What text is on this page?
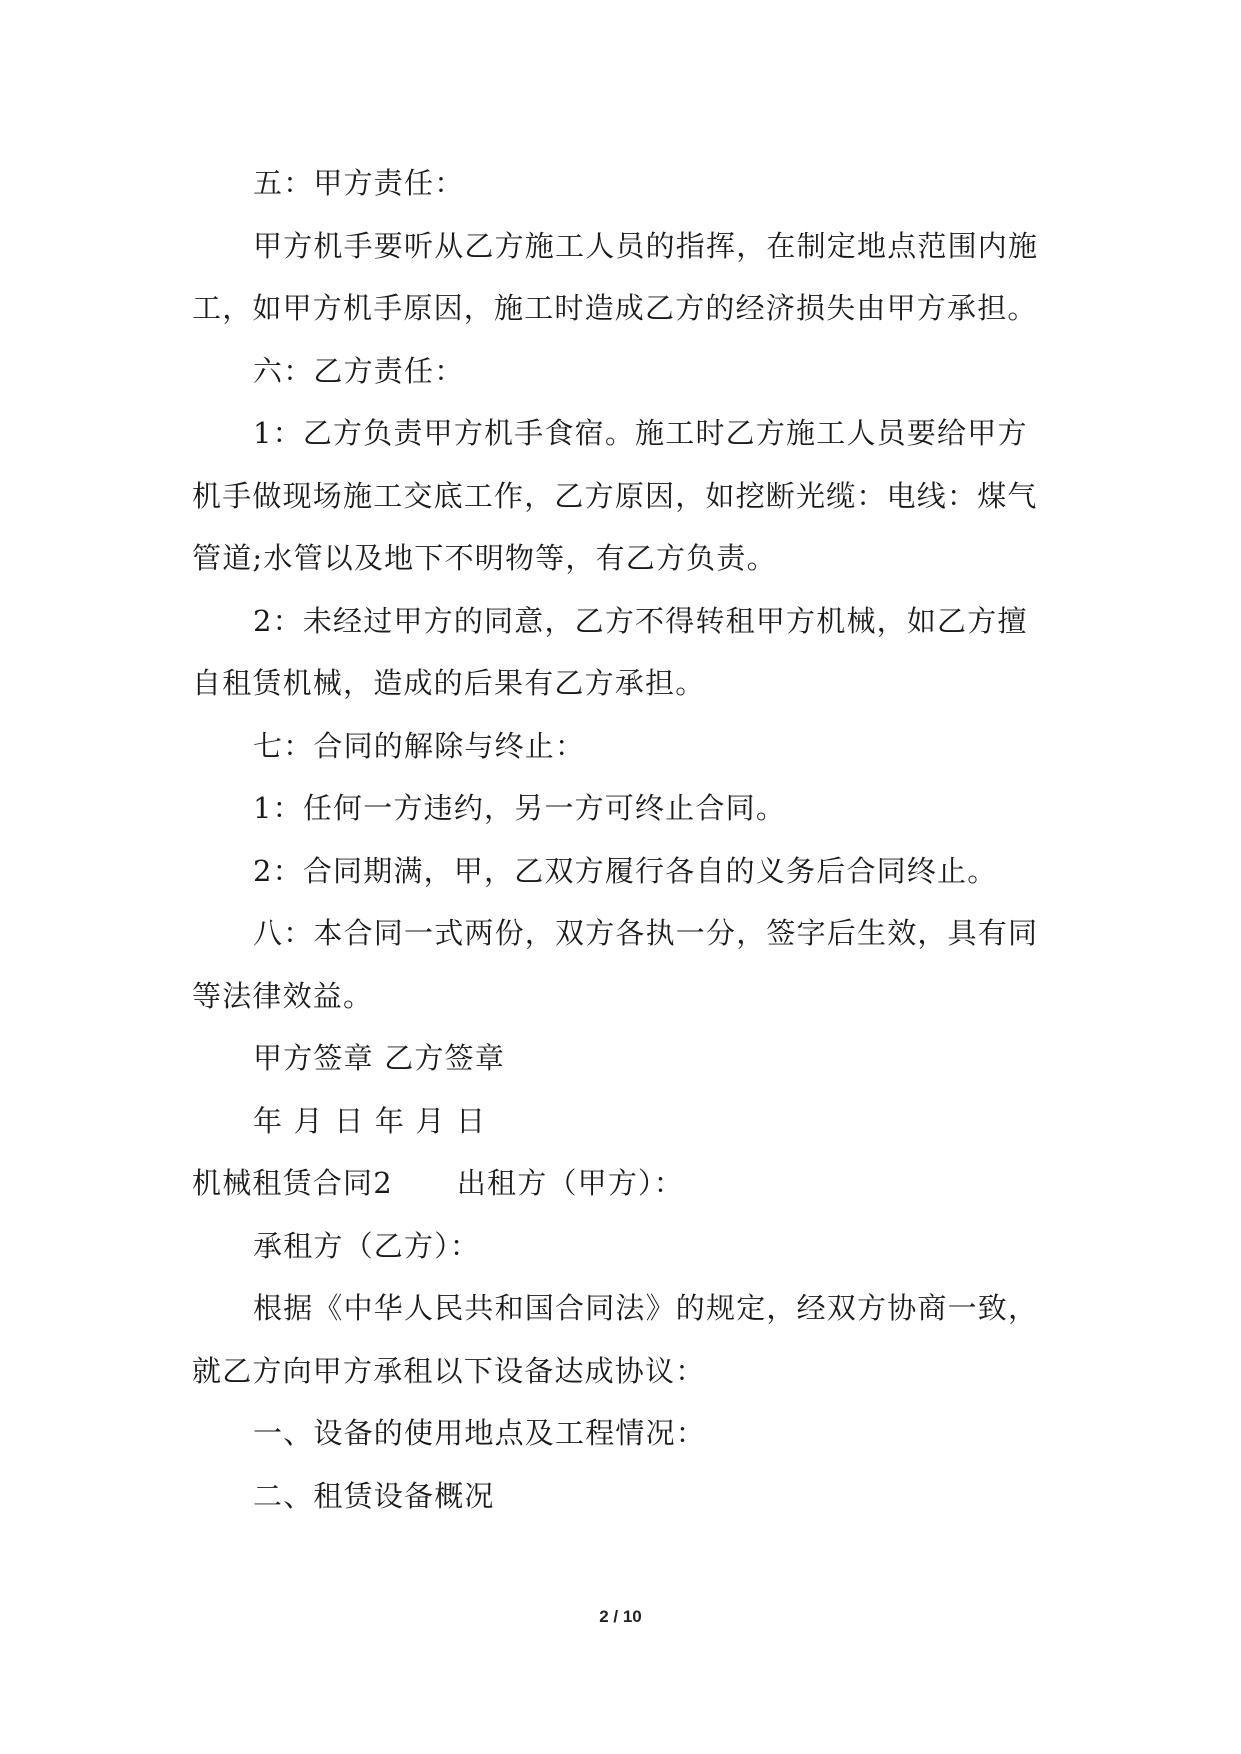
五：甲方责任：
甲方机手要听从乙方施工人员的指挥，在制定地点范围内施
工，如甲方机手原因，施工时造成乙方的经济损失由甲方承担。
六：乙方责任：
1：乙方负责甲方机手食宿。施工时乙方施工人员要给甲方
机手做现场施工交底工作，乙方原因，如挖断光缆：电线：煤气
管道;水管以及地下不明物等，有乙方负责。
2：未经过甲方的同意，乙方不得转租甲方机械，如乙方擅
自租赁机械，造成的后果有乙方承担。
七：合同的解除与终止：
1：任何一方违约，另一方可终止合同。
2：合同期满，甲，乙双方履行各自的义务后合同终止。
八：本合同一式两份，双方各执一分，签字后生效，具有同
等法律效益。
甲方签章 乙方签章
年 月 日 年 月 日
机械租赁合同2 出租方（甲方）：
承租方（乙方）：
根据《中华人民共和国合同法》的规定，经双方协商一致，
就乙方向甲方承租以下设备达成协议：
一、设备的使用地点及工程情况：
二、租赁设备概况
2 / 10
